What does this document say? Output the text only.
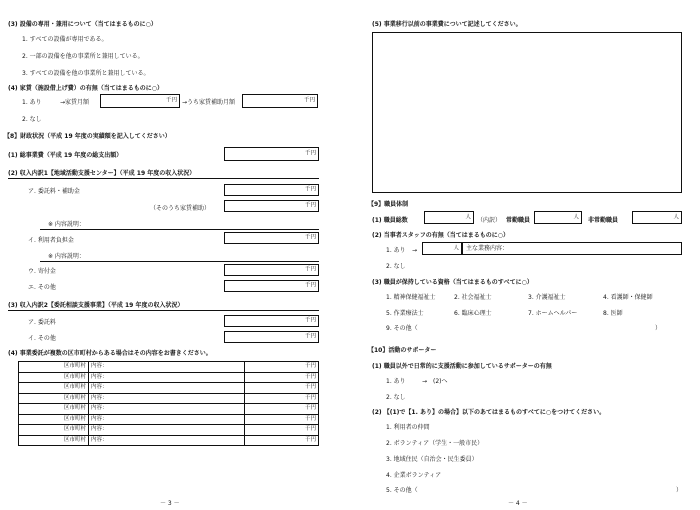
(3) 設備の専用・兼用について（当てはまるものに○）
1. すべての設備が専用である。
2. 一部の設備を他の事業所と兼用している。
3. すべての設備を他の事業所と兼用している。
(4) 家賃（施設借上げ費）の有無（当てはまるものに○）
1. あり	→家賃月額	千円 →うち家賃補助月額	千円
2. なし
【8】財政状況（平成 19 年度の実績額を記入してください）
(1) 総事業費（平成 19 年度の総支出額）	千円
(2) 収入内訳1【地域活動支援センター】（平成 19 年度の収入状況）
ア. 委託料・補助金	千円
（そのうち家賃補助）	千円
※ 内容説明：
イ. 利用者負担金	千円
※ 内容説明：
ウ. 寄付金	千円
エ. その他	千円
(3) 収入内訳2【委託相談支援事業】（平成 19 年度の収入状況）
ア. 委託料	千円
イ. その他	千円
(4) 事業委託が複数の区市町村からある場合はその内容をお書きください。
区市町村	内容：	千円
区市町村	内容：	千円
区市町村	内容：	千円
区市町村	内容：	千円
区市町村	内容：	千円
区市町村	内容：	千円
区市町村	内容：	千円
区市町村	内容：	千円
－ 3 －
(5) 事業移行以前の事業費について記述してください。
【9】職員体制
(1) 職員総数	人 （内訳） 常勤職員	人 非常勤職員	人
(2) 当事者スタッフの有無（当てはまるものに○）
1. あり →	人 主な業務内容：
2. なし
(3) 職員が保持している資格（当てはまるものすべてに○）
1. 精神保健福祉士	2. 社会福祉士	3. 介護福祉士	4. 看護師・保健師
5. 作業療法士	6. 臨床心理士	7. ホームヘルパー	8. 医師
9. その他（	）
【10】活動のサポーター
(1) 職員以外で日常的に支援活動に参加しているサポーターの有無
1. あり	→　(2)へ
2. なし
(2) 【(1)で【1. あり】の場合】以下のあてはまるものすべてに○をつけてください。
1. 利用者の仲間
2. ボランティア（学生・一般市民）
3. 地域住民（自治会・民生委員）
4. 企業ボランティア
5. その他（	）
－ 4 －
